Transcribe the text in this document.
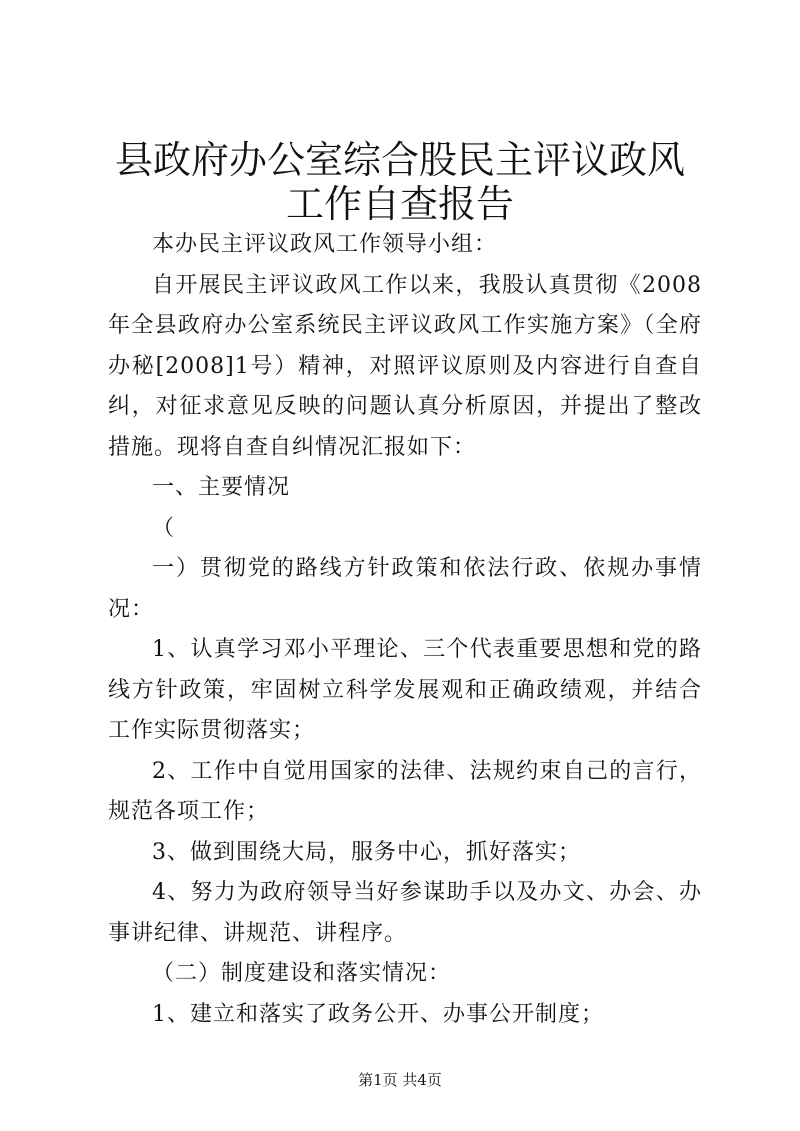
县政府办公室综合股民主评议政风工作自查报告

本办民主评议政风工作领导小组：

自开展民主评议政风工作以来，我股认真贯彻《2008年全县政府办公室系统民主评议政风工作实施方案》（全府办秘[2008]1号）精神，对照评议原则及内容进行自查自纠，对征求意见反映的问题认真分析原因，并提出了整改措施。现将自查自纠情况汇报如下：

一、主要情况

（

一）贯彻党的路线方针政策和依法行政、依规办事情况：

1、认真学习邓小平理论、三个代表重要思想和党的路线方针政策，牢固树立科学发展观和正确政绩观，并结合工作实际贯彻落实；

2、工作中自觉用国家的法律、法规约束自己的言行，规范各项工作；

3、做到围绕大局，服务中心，抓好落实；

4、努力为政府领导当好参谋助手以及办文、办会、办事讲纪律、讲规范、讲程序。

（二）制度建设和落实情况：

1、建立和落实了政务公开、办事公开制度；

第1页 共4页
